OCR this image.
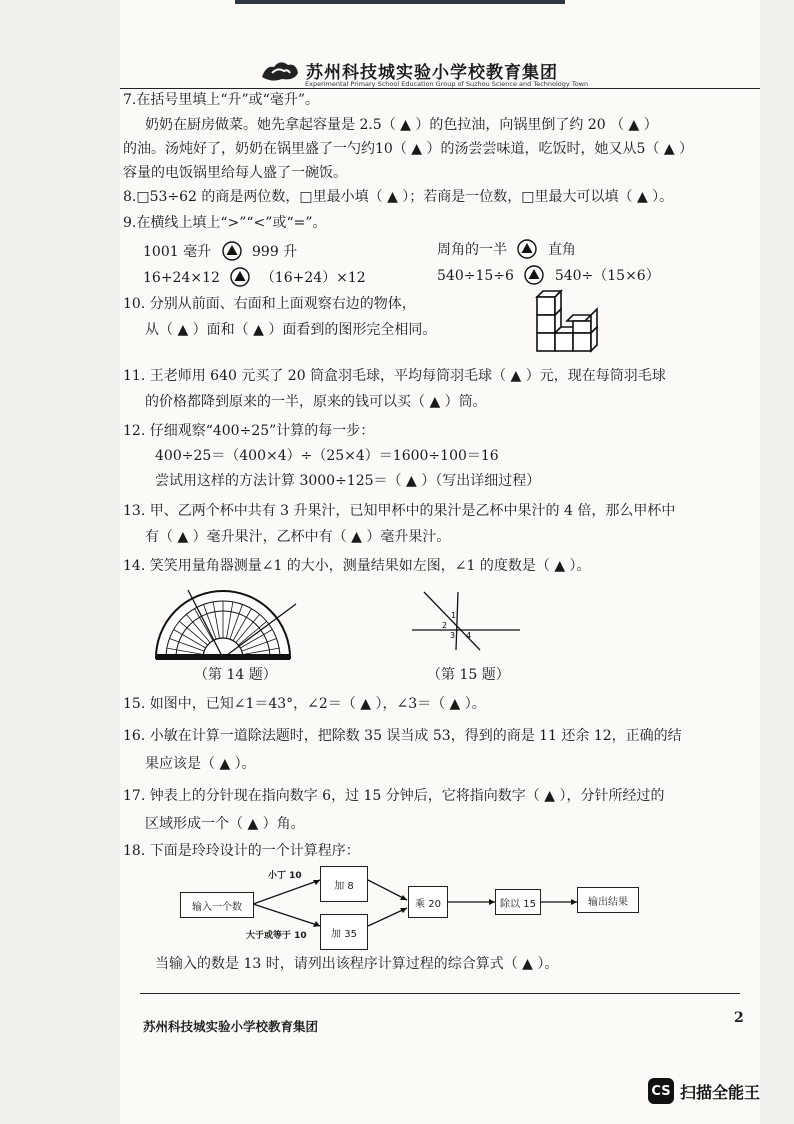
苏州科技城实验小学校教育集团
Experimental Primary School Education Group of Suzhou Science and Technology Town
7.在括号里填上“升”或“毫升”。
奶奶在厨房做菜。她先拿起容量是 2.5（ ▲ ）的色拉油，向锅里倒了约 20 （ ▲ ）
的油。汤炖好了，奶奶在锅里盛了一勺约10（ ▲ ）的汤尝尝味道，吃饭时，她又从5（ ▲ ）
容量的电饭锅里给每人盛了一碗饭。
8.□53÷62 的商是两位数，□里最小填（ ▲ ）；若商是一位数，□里最大可以填（ ▲ ）。
9.在横线上填上“>”“<”或“=”。
1001 毫升	999 升	周角的一半	直角
16+24×12	（16+24）×12	540÷15÷6	540÷（15×6）
10. 分别从前面、右面和上面观察右边的物体，
从（ ▲ ）面和（ ▲ ）面看到的图形完全相同。
11. 王老师用 640 元买了 20 筒盒羽毛球，平均每筒羽毛球（ ▲ ）元，现在每筒羽毛球
的价格都降到原来的一半，原来的钱可以买（ ▲ ）筒。
12. 仔细观察“400÷25”计算的每一步：
400÷25＝（400×4）÷（25×4）＝1600÷100＝16
尝试用这样的方法计算 3000÷125＝（ ▲ ）（写出详细过程）
13. 甲、乙两个杯中共有 3 升果汁，已知甲杯中的果汁是乙杯中果汁的 4 倍，那么甲杯中
有（ ▲ ）毫升果汁，乙杯中有（ ▲ ）毫升果汁。
14. 笑笑用量角器测量∠1 的大小，测量结果如左图，∠1 的度数是（ ▲ ）。
（第 14 题）
1
2
3 4
（第 15 题）
15. 如图中，已知∠1＝43°，∠2＝（ ▲ ），∠3＝（ ▲ ）。
16. 小敏在计算一道除法题时，把除数 35 误当成 53，得到的商是 11 还余 12，正确的结
果应该是（ ▲ ）。
17. 钟表上的分针现在指向数字 6，过 15 分钟后，它将指向数字（ ▲ ），分针所经过的
区域形成一个（ ▲ ）角。
18. 下面是玲玲设计的一个计算程序：
输入一个数
小丁 10
加 8
加 35
大于或等于 10
乘 20	除以 15	输出结果
当输入的数是 13 时，请列出该程序计算过程的综合算式（ ▲ ）。
2
苏州科技城实验小学校教育集团
CS 扫描全能王
